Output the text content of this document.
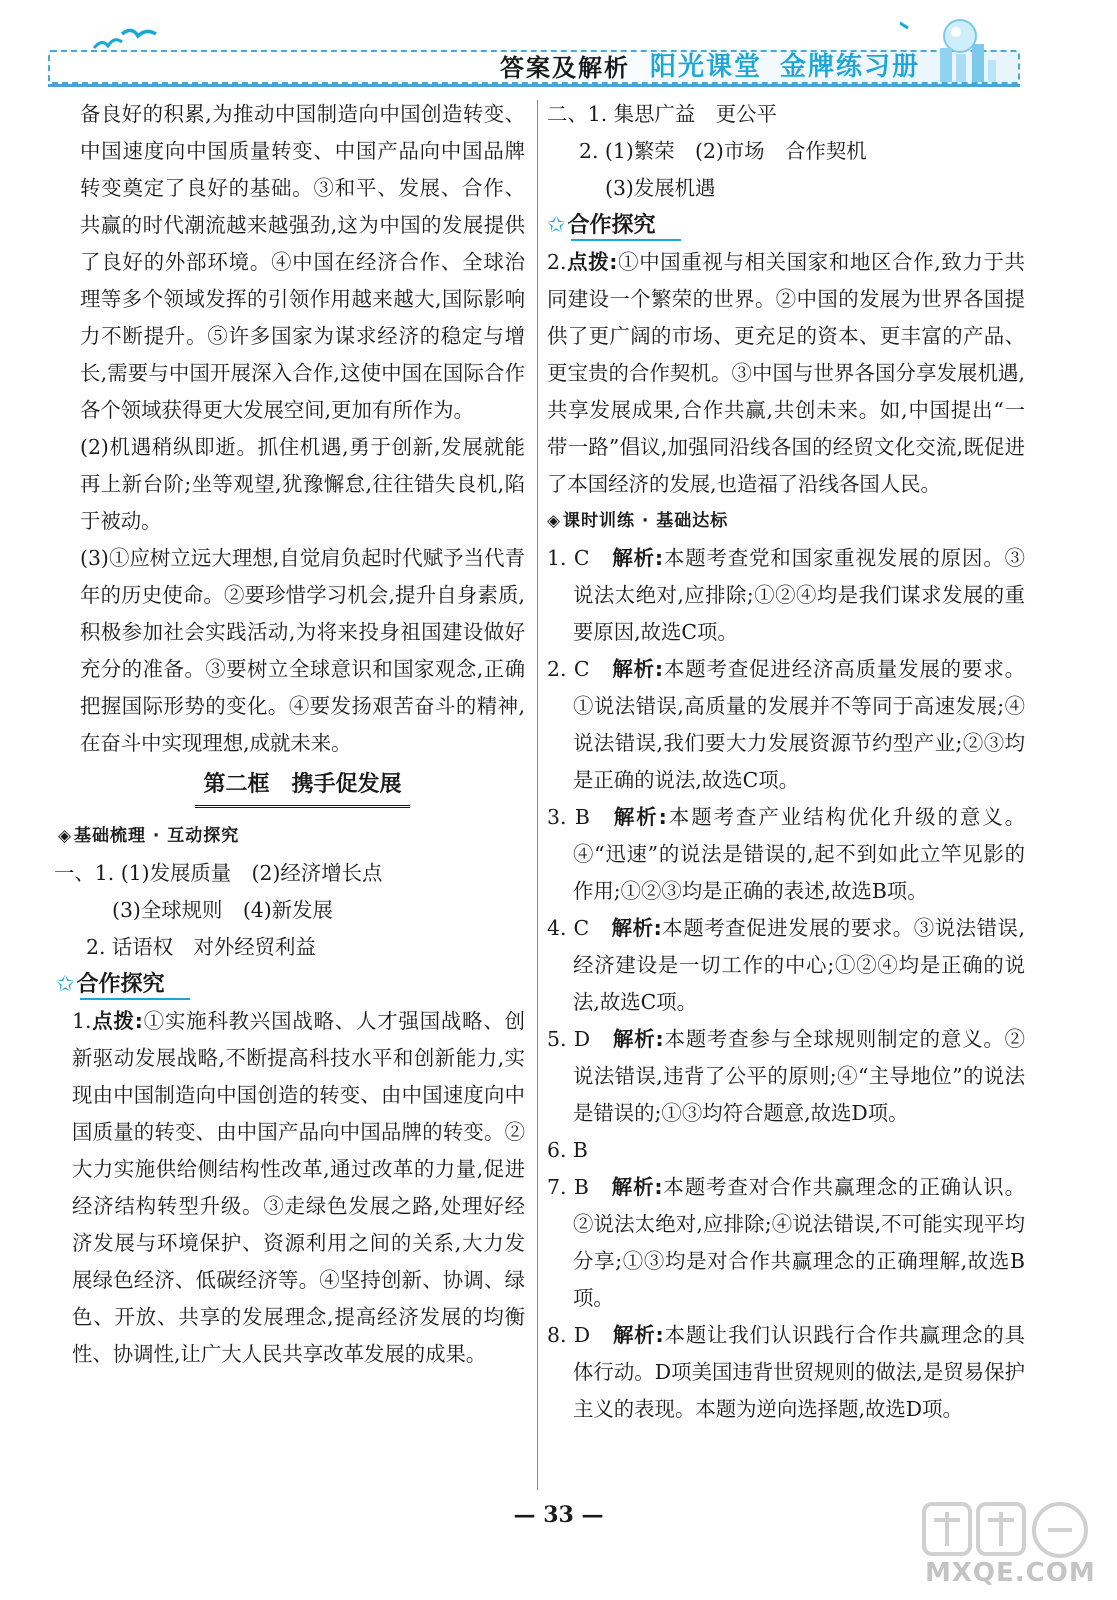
答案及解析 阳光课堂 金牌练习册

备良好的积累,为推动中国制造向中国创造转变、中国速度向中国质量转变、中国产品向中国品牌转变奠定了良好的基础。③和平、发展、合作、共赢的时代潮流越来越强劲,这为中国的发展提供了良好的外部环境。④中国在经济合作、全球治理等多个领域发挥的引领作用越来越大,国际影响力不断提升。⑤许多国家为谋求经济的稳定与增长,需要与中国开展深入合作,这使中国在国际合作各个领域获得更大发展空间,更加有所作为。

(2)机遇稍纵即逝。抓住机遇,勇于创新,发展就能再上新台阶;坐等观望,犹豫懈怠,往往错失良机,陷于被动。

(3)①应树立远大理想,自觉肩负起时代赋予当代青年的历史使命。②要珍惜学习机会,提升自身素质,积极参加社会实践活动,为将来投身祖国建设做好充分的准备。③要树立全球意识和国家观念,正确把握国际形势的变化。④要发扬艰苦奋斗的精神,在奋斗中实现理想,成就未来。

第二框　携手促发展
◈ 基础梳理 · 互动探究
一、1. (1)发展质量　(2)经济增长点
(3)全球规则　(4)新发展
2. 话语权　对外经贸利益
✩合作探究

1.点拨:①实施科教兴国战略、人才强国战略、创新驱动发展战略,不断提高科技水平和创新能力,实现由中国制造向中国创造的转变、由中国速度向中国质量的转变、由中国产品向中国品牌的转变。②大力实施供给侧结构性改革,通过改革的力量,促进经济结构转型升级。③走绿色发展之路,处理好经济发展与环境保护、资源利用之间的关系,大力发展绿色经济、低碳经济等。④坚持创新、协调、绿色、开放、共享的发展理念,提高经济发展的均衡性、协调性,让广大人民共享改革发展的成果。

二、1. 集思广益　更公平
2. (1)繁荣　(2)市场　合作契机
(3)发展机遇
✩合作探究

2.点拨:①中国重视与相关国家和地区合作,致力于共同建设一个繁荣的世界。②中国的发展为世界各国提供了更广阔的市场、更充足的资本、更丰富的产品、更宝贵的合作契机。③中国与世界各国分享发展机遇,共享发展成果,合作共赢,共创未来。如,中国提出“一带一路”倡议,加强同沿线各国的经贸文化交流,既促进了本国经济的发展,也造福了沿线各国人民。

◈ 课时训练 · 基础达标

1. C 解析:本题考查党和国家重视发展的原因。③说法太绝对,应排除;①②④均是我们谋求发展的重要原因,故选C项。

2. C 解析:本题考查促进经济高质量发展的要求。①说法错误,高质量的发展并不等同于高速发展;④说法错误,我们要大力发展资源节约型产业;②③均是正确的说法,故选C项。

3. B 解析:本题考查产业结构优化升级的意义。④“迅速”的说法是错误的,起不到如此立竿见影的作用;①②③均是正确的表述,故选B项。

4. C 解析:本题考查促进发展的要求。③说法错误,经济建设是一切工作的中心;①②④均是正确的说法,故选C项。

5. D 解析:本题考查参与全球规则制定的意义。②说法错误,违背了公平的原则;④“主导地位”的说法是错误的;①③均符合题意,故选D项。

6. B

7. B 解析:本题考查对合作共赢理念的正确认识。②说法太绝对,应排除;④说法错误,不可能实现平均分享;①③均是对合作共赢理念的正确理解,故选B项。

8. D 解析:本题让我们认识践行合作共赢理念的具体行动。D项美国违背世贸规则的做法,是贸易保护主义的表现。本题为逆向选择题,故选D项。

— 33 —
MXQE.COM
